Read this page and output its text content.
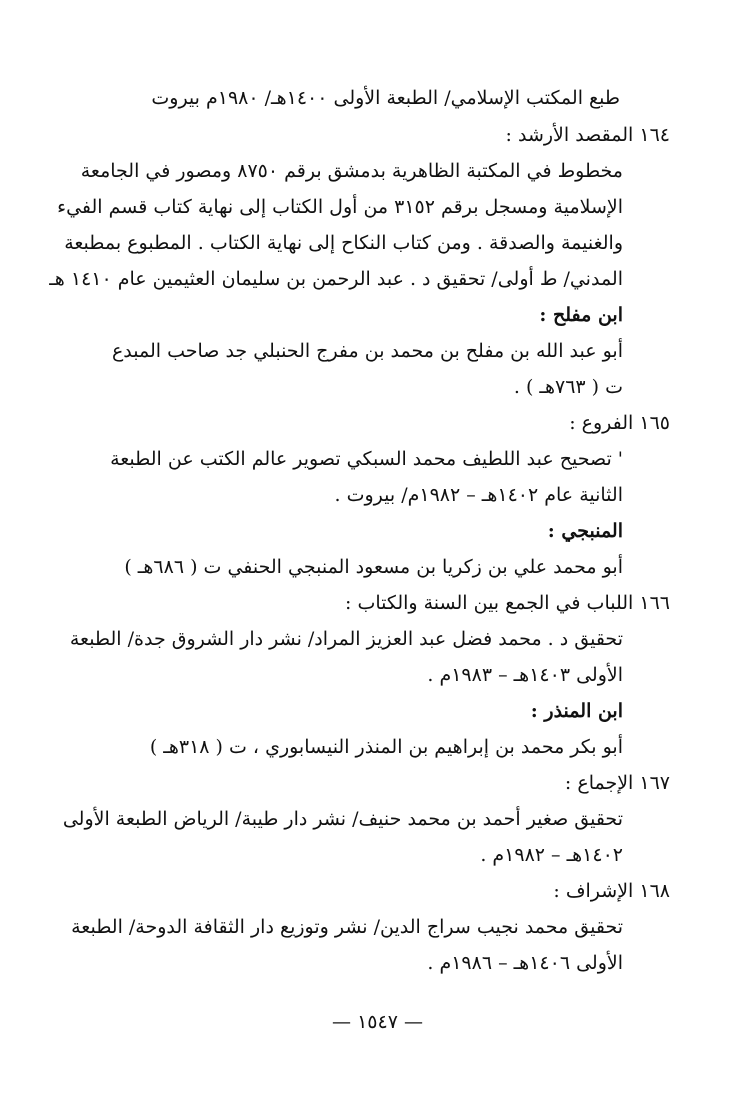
طبع المكتب الإسلامي/ الطبعة الأولى ١٤٠٠هـ/ ١٩٨٠م بيروت
١٦٤ المقصد الأرشد :
مخطوط في المكتبة الظاهرية بدمشق برقم ٨٧٥٠ ومصور في الجامعة
الإسلامية ومسجل برقم ٣١٥٢ من أول الكتاب إلى نهاية كتاب قسم الفيء
والغنيمة والصدقة . ومن كتاب النكاح إلى نهاية الكتاب . المطبوع بمطبعة
المدني/ ط أولى/ تحقيق د . عبد الرحمن بن سليمان العثيمين عام ١٤١٠ هـ
ابن مفلح :
أبو عبد الله بن مفلح بن محمد بن مفرج الحنبلي جد صاحب المبدع
ت ( ٧٦٣هـ ) .
١٦٥ الفروع :
' تصحيح عبد اللطيف محمد السبكي تصوير عالم الكتب عن الطبعة
الثانية عام ١٤٠٢هـ – ١٩٨٢م/ بيروت .
المنبجي :
أبو محمد علي بن زكريا بن مسعود المنبجي الحنفي ت ( ٦٨٦هـ )
١٦٦ اللباب في الجمع بين السنة والكتاب :
تحقيق د . محمد فضل عبد العزيز المراد/ نشر دار الشروق جدة/ الطبعة
الأولى ١٤٠٣هـ – ١٩٨٣م .
ابن المنذر :
أبو بكر محمد بن إبراهيم بن المنذر النيسابوري ، ت ( ٣١٨هـ )
١٦٧ الإجماع :
تحقيق صغير أحمد بن محمد حنيف/ نشر دار طيبة/ الرياض الطبعة الأولى
١٤٠٢هـ – ١٩٨٢م .
١٦٨ الإشراف :
تحقيق محمد نجيب سراج الدين/ نشر وتوزيع دار الثقافة الدوحة/ الطبعة
الأولى ١٤٠٦هـ – ١٩٨٦م .
— ١٥٤٧ —
